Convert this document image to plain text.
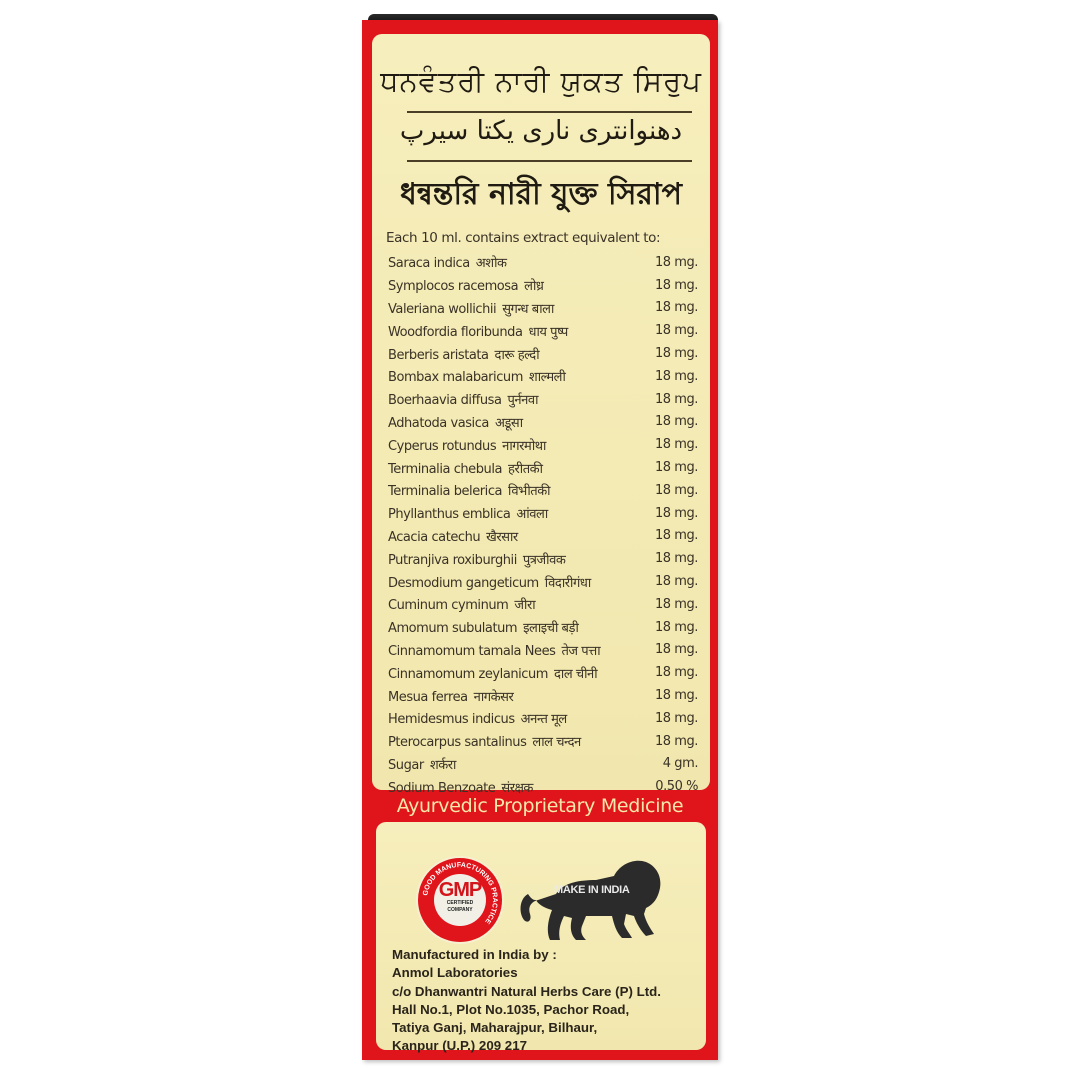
ਧਨਵੰਤਰੀ ਨਾਰੀ ਯੁਕਤ ਸਿਰੁਪ
دھنوانتری ناری یکتا سیرپ
ধন্বন্তরি নারী যুক্ত সিরাপ
Each 10 ml. contains extract equivalent to:
Saraca indica अशोक	18 mg.
Symplocos racemosa लोध्र	18 mg.
Valeriana wollichii सुगन्ध बाला	18 mg.
Woodfordia floribunda धाय पुष्प	18 mg.
Berberis aristata दारू हल्दी	18 mg.
Bombax malabaricum शाल्मली	18 mg.
Boerhaavia diffusa पुर्ननवा	18 mg.
Adhatoda vasica अडूसा	18 mg.
Cyperus rotundus नागरमोथा	18 mg.
Terminalia chebula हरीतकी	18 mg.
Terminalia belerica विभीतकी	18 mg.
Phyllanthus emblica आंवला	18 mg.
Acacia catechu खैरसार	18 mg.
Putranjiva roxiburghii पुत्रजीवक	18 mg.
Desmodium gangeticum विदारीगंधा	18 mg.
Cuminum cyminum जीरा	18 mg.
Amomum subulatum इलाइची बड़ी	18 mg.
Cinnamomum tamala Nees तेज पत्ता	18 mg.
Cinnamomum zeylanicum दाल चीनी	18 mg.
Mesua ferrea नागकेसर	18 mg.
Hemidesmus indicus अनन्त मूल	18 mg.
Pterocarpus santalinus लाल चन्दन	18 mg.
Sugar शर्करा	4 gm.
Sodium Benzoate संरक्षक	0.50 %
Ayurvedic Proprietary Medicine
GOOD MANUFACTURING PRACTICE
GMP
CERTIFIED
COMPANY
MAKE IN INDIA
Manufactured in India by :
Anmol Laboratories
c/o Dhanwantri Natural Herbs Care (P) Ltd.
Hall No.1, Plot No.1035, Pachor Road,
Tatiya Ganj, Maharajpur, Bilhaur,
Kanpur (U.P.) 209 217
